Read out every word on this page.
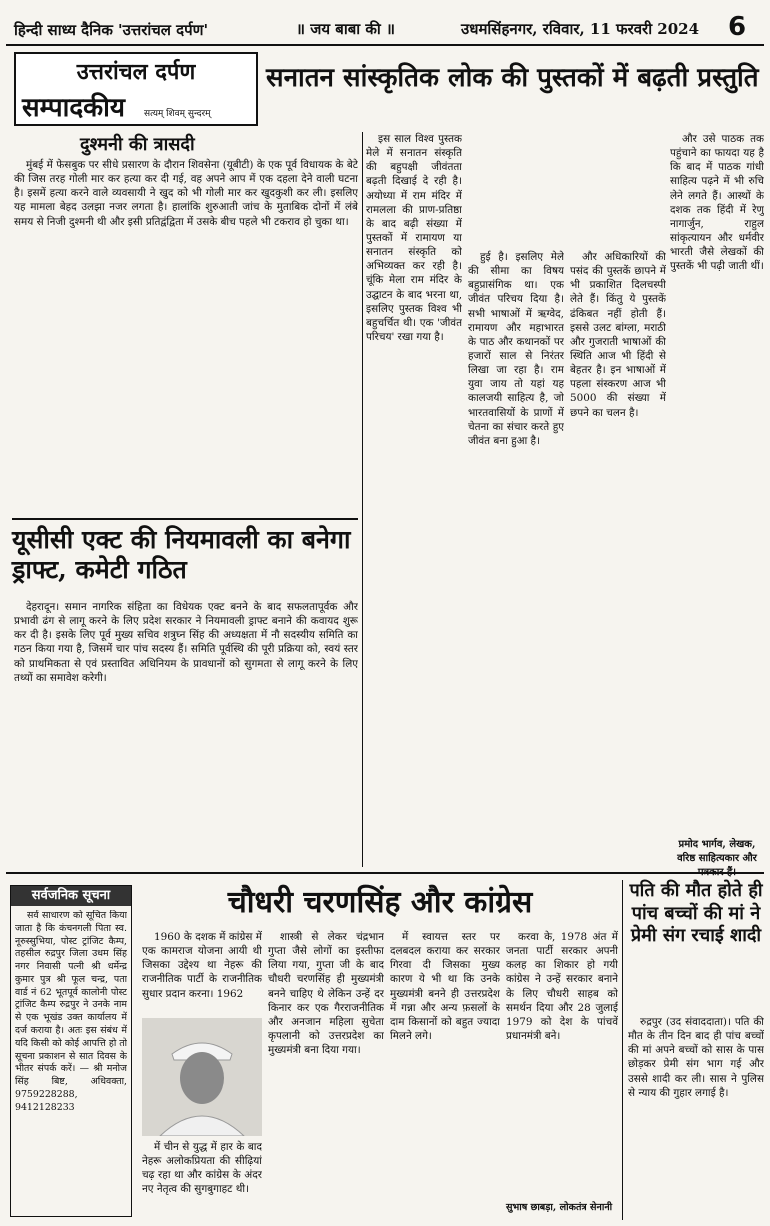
हिन्दी साध्य दैनिक 'उत्तरांचल दर्पण'	॥ जय बाबा की ॥	उधमसिंहनगर, रविवार, 11 फरवरी 2024 6
उत्तरांचल दर्पण
सम्पादकीय सत्यम् शिवम् सुन्दरम्
सनातन सांस्कृतिक लोक की पुस्तकों में बढ़ती प्रस्तुति
दुश्मनी की त्रासदी

मुंबई में फेसबुक पर सीधे प्रसारण के दौरान शिवसेना (यूबीटी) के एक पूर्व विधायक के बेटे की जिस तरह गोली मार कर हत्या कर दी गई, वह अपने आप में एक दहला देने वाली घटना है। इसमें हत्या करने वाले व्यवसायी ने खुद को भी गोली मार कर खुदकुशी कर ली। इसलिए यह मामला बेहद उलझा नजर लगता है। हालांकि शुरुआती जांच के मुताबिक दोनों में लंबे समय से निजी दुश्मनी थी और इसी प्रतिद्वंद्विता में उसके बीच पहले भी टकराव हो चुका था।

यूसीसी एक्ट की नियमावली का बनेगा ड्राफ्ट, कमेटी गठित

देहरादून। समान नागरिक संहिता का विधेयक एक्ट बनने के बाद सफलतापूर्वक और प्रभावी ढंग से लागू करने के लिए प्रदेश सरकार ने नियमावली ड्राफ्ट बनाने की कवायद शुरू कर दी है। इसके लिए पूर्व मुख्य सचिव शत्रुघ्न सिंह की अध्यक्षता में नौ सदस्यीय समिति का गठन किया गया है, जिसमें चार पांच सदस्य हैं। समिति पूर्वस्थि की पूरी प्रक्रिया को, स्वयं स्तर को प्राथमिकता से एवं प्रस्तावित अधिनियम के प्रावधानों को सुगमता से लागू करने के लिए तथ्यों का समावेश करेगी।

इस साल विश्व पुस्तक मेले में सनातन संस्कृति की बहुपक्षी जीवंतता बढ़ती दिखाई दे रही है। अयोध्या में राम मंदिर में रामलला की प्राण-प्रतिष्ठा के बाद बढ़ी संख्या में पुस्तकों में रामायण या सनातन संस्कृति को अभिव्यक्त कर रही है। चूंकि मेला राम मंदिर के उद्घाटन के बाद भरना था, इसलिए पुस्तक विश्व भी बहुचर्चित थी। एक 'जीवंत परिचय' रखा गया है।

हुई है। इसलिए मेले की सीमा का विषय बहुप्रासंगिक था। एक जीवंत परिचय दिया है। सभी भाषाओं में ऋग्वेद, रामायण और महाभारत के पाठ और कथानकों पर हजारों साल से निरंतर लिखा जा रहा है। राम युवा जाय तो यहां यह कालजयी साहित्य है, जो भारतवासियों के प्राणों में चेतना का संचार करते हुए जीवंत बना हुआ है।

और अधिकारियों की पसंद की पुस्तकें छापने में भी प्रकाशित दिलचस्पी लेते हैं। किंतु ये पुस्तकें ढंकिबत नहीं होती हैं। इससे उलट बांग्ला, मराठी और गुजराती भाषाओं की स्थिति आज भी हिंदी से बेहतर है। इन भाषाओं में पहला संस्करण आज भी 5000 की संख्या में छपने का चलन है।

और उसे पाठक तक पहुंचाने का फायदा यह है कि बाद में पाठक गांधी साहित्य पढ़ने में भी रुचि लेने लगते हैं। आस्थों के दशक तक हिंदी में रेणु नागार्जुन, राहुल सांकृत्यायन और धर्मवीर भारती जैसे लेखकों की पुस्तकें भी पढ़ी जाती थीं।

प्रमोद भार्गव, लेखक, वरिष्ठ साहित्यकार और
सर्वजनिक सूचना

सर्व साधारण को सूचित किया जाता है कि कंचनगली पिता स्व. नूरुस्सुभिया, पोस्ट ट्रांजिट कैम्प, तहसील रुद्रपुर जिला उधम सिंह नगर निवासी पत्नी श्री धर्मेन्द्र कुमार पुत्र श्री फूल चन्द्र, पता वार्ड नं 62 भूतपूर्व कालोनी पोस्ट ट्रांजिट कैम्प रुद्रपुर ने उनके नाम से एक भूखंड उक्त कार्यालय में दर्ज कराया है। अतः इस संबंध में यदि किसी को कोई आपत्ति हो तो सूचना प्रकाशन से सात दिवस के भीतर संपर्क करें। — श्री मनोज सिंह बिष्ट, अधिवक्ता, 9759228288, 9412128233

चौधरी चरणसिंह और कांग्रेस

1960 के दशक में कांग्रेस में एक कामराज योजना आयी थी जिसका उद्देश्य था नेहरू की राजनीतिक पार्टी के राजनीतिक सुधार प्रदान करना। 1962

में चीन से युद्ध में हार के बाद नेहरू अलोकप्रियता की सीढ़ियां चढ़ रहा था और कांग्रेस के अंदर नए नेतृत्व की सुगबुगाहट थी।

शास्त्री से लेकर चंद्रभान गुप्ता जैसे लोगों का इस्तीफा लिया गया, गुप्ता जी के बाद चौधरी चरणसिंह ही मुख्यमंत्री बनने चाहिए थे लेकिन उन्हें दर किनार कर एक गैरराजनीतिक और अनजान महिला सुचेता कृपलानी को उत्तरप्रदेश का मुख्यमंत्री बना दिया गया।

में स्वायत्त स्तर पर दलबदल कराया कर सरकार गिरवा दी जिसका मुख्य कारण ये भी था कि उनके मुख्यमंत्री बनने ही उत्तरप्रदेश में गन्ना और अन्य फ़सलों के दाम किसानों को बहुत ज्यादा मिलने लगे।

करवा के, 1978 अंत में जनता पार्टी सरकार अपनी कलह का शिकार हो गयी कांग्रेस ने उन्हें सरकार बनाने के लिए चौधरी साहब को समर्थन दिया और 28 जुलाई 1979 को देश के पांचवें प्रधानमंत्री बने।

सुभाष छाबड़ा, लोकतंत्र सेनानी
पति की मौत होते ही पांच बच्चों की मां ने प्रेमी संग रचाई शादी

रुद्रपुर (उद संवाददाता)। पति की मौत के तीन दिन बाद ही पांच बच्चों की मां अपने बच्चों को सास के पास छोड़कर प्रेमी संग भाग गई और उससे शादी कर ली। सास ने पुलिस से न्याय की गुहार लगाई है।
